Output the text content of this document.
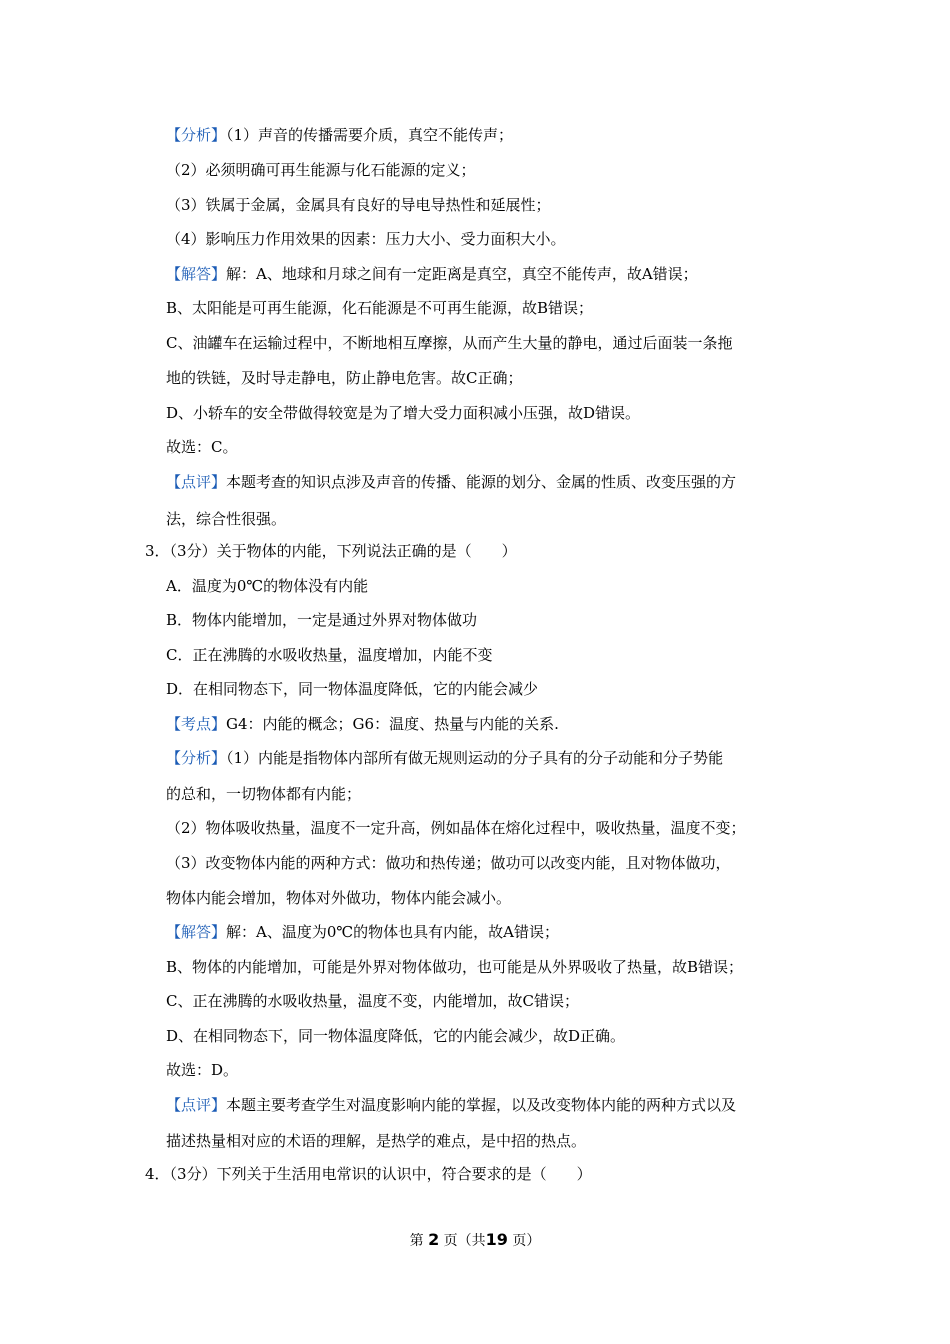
【分析】（1）声音的传播需要介质，真空不能传声；
（2）必须明确可再生能源与化石能源的定义；
（3）铁属于金属，金属具有良好的导电导热性和延展性；
（4）影响压力作用效果的因素：压力大小、受力面积大小。
【解答】解：A、地球和月球之间有一定距离是真空，真空不能传声，故A错误；
B、太阳能是可再生能源，化石能源是不可再生能源，故B错误；
C、油罐车在运输过程中，不断地相互摩擦，从而产生大量的静电，通过后面装一条拖
地的铁链，及时导走静电，防止静电危害。故C正确；
D、小轿车的安全带做得较宽是为了增大受力面积减小压强，故D错误。
故选：C。
【点评】本题考查的知识点涉及声音的传播、能源的划分、金属的性质、改变压强的方
法，综合性很强。
3．（3分）关于物体的内能，下列说法正确的是（　　）
A．温度为0℃的物体没有内能
B．物体内能增加，一定是通过外界对物体做功
C．正在沸腾的水吸收热量，温度增加，内能不变
D．在相同物态下，同一物体温度降低，它的内能会减少
【考点】G4：内能的概念；G6：温度、热量与内能的关系.
【分析】（1）内能是指物体内部所有做无规则运动的分子具有的分子动能和分子势能
的总和，一切物体都有内能；
（2）物体吸收热量，温度不一定升高，例如晶体在熔化过程中，吸收热量，温度不变；
（3）改变物体内能的两种方式：做功和热传递；做功可以改变内能，且对物体做功，
物体内能会增加，物体对外做功，物体内能会减小。
【解答】解：A、温度为0℃的物体也具有内能，故A错误；
B、物体的内能增加，可能是外界对物体做功，也可能是从外界吸收了热量，故B错误；
C、正在沸腾的水吸收热量，温度不变，内能增加，故C错误；
D、在相同物态下，同一物体温度降低，它的内能会减少，故D正确。
故选：D。
【点评】本题主要考查学生对温度影响内能的掌握，以及改变物体内能的两种方式以及
描述热量相对应的术语的理解，是热学的难点，是中招的热点。
4．（3分）下列关于生活用电常识的认识中，符合要求的是（　　）
第 2 页（共19 页）
